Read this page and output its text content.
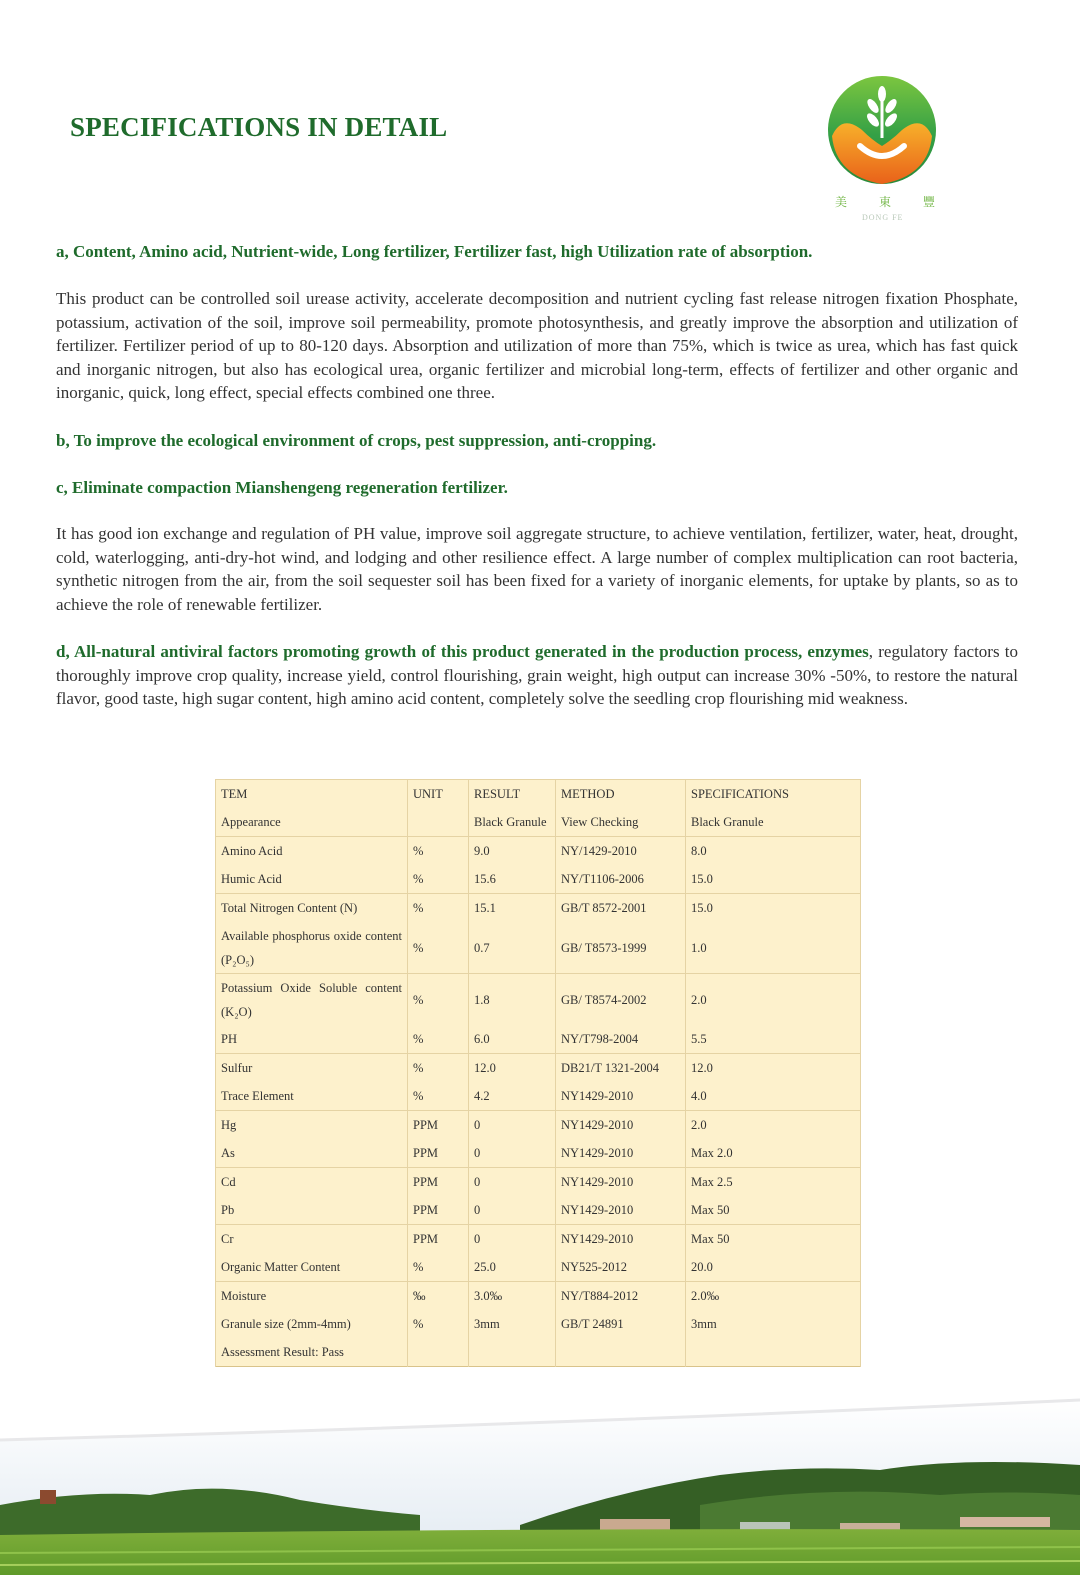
SPECIFICATIONS IN DETAIL
美	東	豐
DONG FE
a, Content, Amino acid, Nutrient-wide, Long fertilizer, Fertilizer fast, high Utilization rate of absorption.
This product can be controlled soil urease activity, accelerate decomposition and nutrient cycling fast release nitrogen fixation Phosphate, potassium, activation of the soil, improve soil permeability, promote photosynthesis, and greatly improve the absorption and utilization of fertilizer. Fertilizer period of up to 80-120 days. Absorption and utilization of more than 75%, which is twice as urea, which has fast quick and inorganic nitrogen, but also has ecological urea, organic fertilizer and microbial long-term, effects of fertilizer and other organic and inorganic, quick, long effect, special effects combined one three.
b, To improve the ecological environment of crops, pest suppression, anti-cropping.
c, Eliminate compaction Mianshengeng regeneration fertilizer.
It has good ion exchange and regulation of PH value, improve soil aggregate structure, to achieve ventilation, fertilizer, water, heat, drought, cold, waterlogging, anti-dry-hot wind, and lodging and other resilience effect. A large number of complex multiplication can root bacteria, synthetic nitrogen from the air, from the soil sequester soil has been fixed for a variety of inorganic elements, for uptake by plants, so as to achieve the role of renewable fertilizer.
d, All-natural antiviral factors promoting growth of this product generated in the production process, enzymes, regulatory factors to thoroughly improve crop quality, increase yield, control flourishing, grain weight, high output can increase 30% -50%, to restore the natural flavor, good taste, high sugar content, high amino acid content, completely solve the seedling crop flourishing mid weakness.
TEM	UNIT	RESULT	METHOD	SPECIFICATIONS
Appearance		Black Granule	View Checking	Black Granule
Amino Acid	%	9.0	NY/1429-2010	8.0
Humic Acid	%	15.6	NY/T1106-2006	15.0
Total Nitrogen Content (N)	%	15.1	GB/T 8572-2001	15.0
Available phosphorus oxide content (P₂O₅)	%	0.7	GB/ T8573-1999	1.0
Potassium Oxide Soluble content (K₂O)	%	1.8	GB/ T8574-2002	2.0
PH	%	6.0	NY/T798-2004	5.5
Sulfur	%	12.0	DB21/T 1321-2004	12.0
Trace Element	%	4.2	NY1429-2010	4.0
Hg	PPM	0	NY1429-2010	2.0
As	PPM	0	NY1429-2010	Max 2.0
Cd	PPM	0	NY1429-2010	Max 2.5
Pb	PPM	0	NY1429-2010	Max 50
Cr	PPM	0	NY1429-2010	Max 50
Organic Matter Content	%	25.0	NY525-2012	20.0
Moisture	‰	3.0‰	NY/T884-2012	2.0‰
Granule size (2mm-4mm)	%	3mm	GB/T 24891	3mm
Assessment Result: Pass				
